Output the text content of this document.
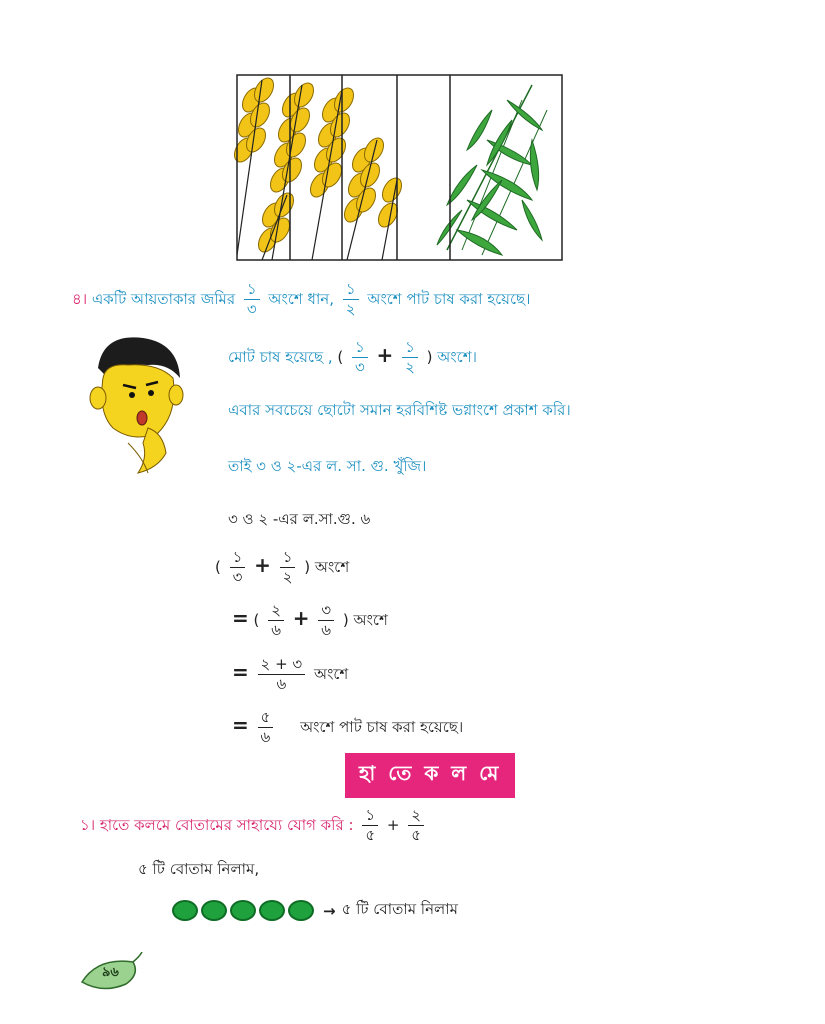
৪। একটি আয়তাকার জমির $\frac{১}{৩}$ অংশে ধান, $\frac{১}{২}$ অংশে পাট চাষ করা হয়েছে।
মোট চাষ হয়েছে , ( $\frac{১}{৩} + \frac{১}{২}$ ) অংশে।
এবার সবচেয়ে ছোটো সমান হরবিশিষ্ট ভগ্নাংশে প্রকাশ করি।
তাই ৩ ও ২-এর ল. সা. গু. খুঁজি।
৩ ও ২ -এর ল.সা.গু. ৬
( $\frac{১}{৩} + \frac{১}{২}$ ) অংশে
= ( $\frac{২}{৬} + \frac{৩}{৬}$ ) অংশে
= $\frac{২ + ৩}{৬}$ অংশে
= $\frac{৫}{৬}$ অংশে পাট চাষ করা হয়েছে।
হা তে ক ল মে
১। হাতে কলমে বোতামের সাহায্যে যোগ করি : $\frac{১}{৫} + \frac{২}{৫}$
৫ টি বোতাম নিলাম,
→ ৫ টি বোতাম নিলাম
৯৬
